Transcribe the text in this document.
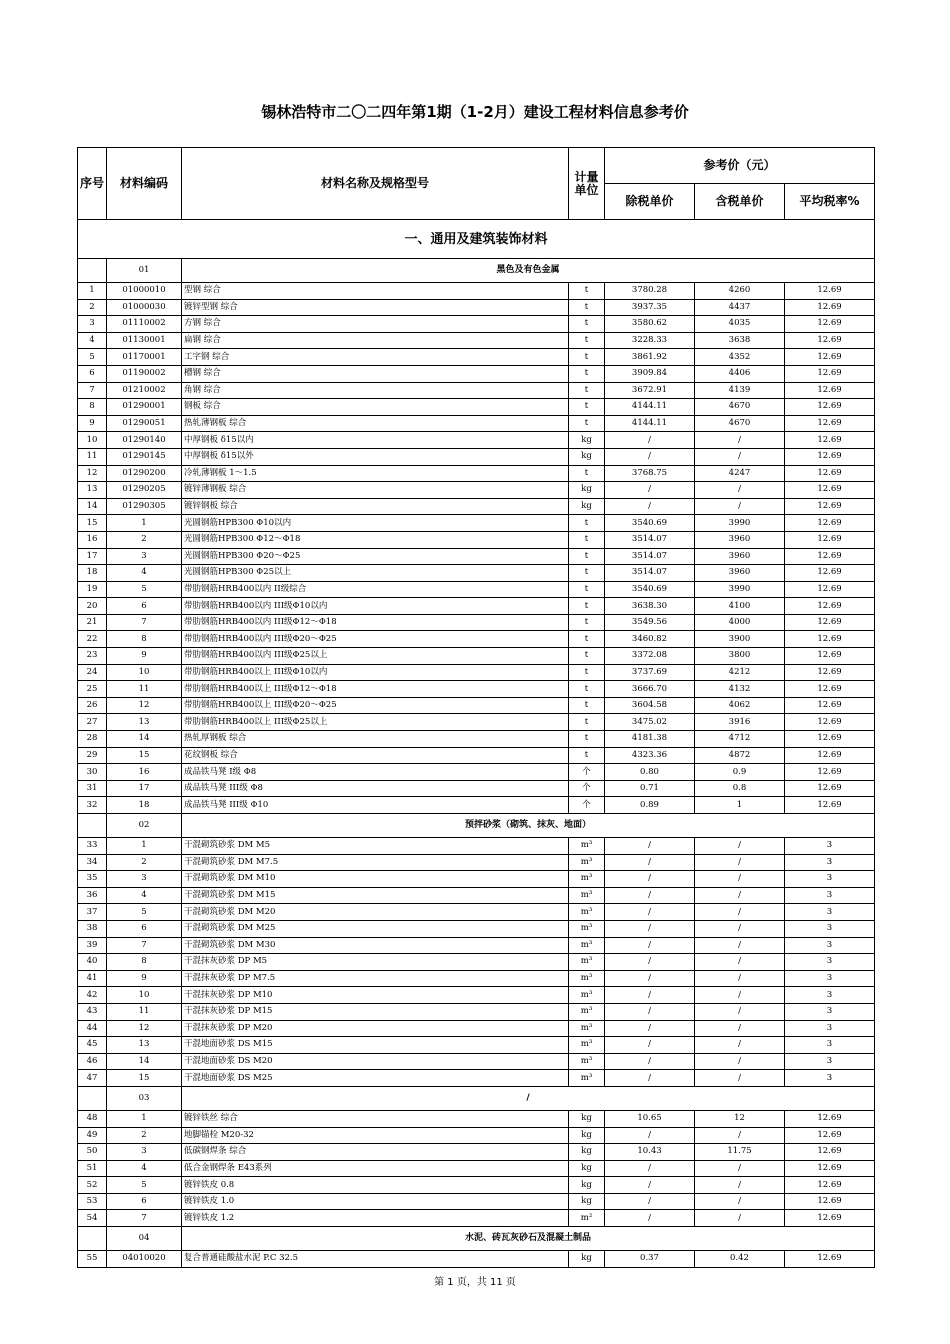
锡林浩特市二〇二四年第1期（1-2月）建设工程材料信息参考价
序号	材料编码	材料名称及规格型号	计量单位	参考价（元）		
				除税单价	含税单价	平均税率%
一、通用及建筑装饰材料						
	01	黑色及有色金属				
1	01000010	型钢 综合	t	3780.28	4260	12.69
2	01000030	镀锌型钢 综合	t	3937.35	4437	12.69
3	01110002	方钢 综合	t	3580.62	4035	12.69
4	01130001	扁钢 综合	t	3228.33	3638	12.69
5	01170001	工字钢 综合	t	3861.92	4352	12.69
6	01190002	槽钢 综合	t	3909.84	4406	12.69
7	01210002	角钢 综合	t	3672.91	4139	12.69
8	01290001	钢板 综合	t	4144.11	4670	12.69
9	01290051	热轧薄钢板 综合	t	4144.11	4670	12.69
10	01290140	中厚钢板 δ15以内	kg	/	/	12.69
11	01290145	中厚钢板 δ15以外	kg	/	/	12.69
12	01290200	冷轧薄钢板 1～1.5	t	3768.75	4247	12.69
13	01290205	镀锌薄钢板 综合	kg	/	/	12.69
14	01290305	镀锌钢板 综合	kg	/	/	12.69
15	1	光圆钢筋HPB300 Φ10以内	t	3540.69	3990	12.69
16	2	光圆钢筋HPB300 Φ12～Φ18	t	3514.07	3960	12.69
17	3	光圆钢筋HPB300 Φ20～Φ25	t	3514.07	3960	12.69
18	4	光圆钢筋HPB300 Φ25以上	t	3514.07	3960	12.69
19	5	带肋钢筋HRB400以内 II级综合	t	3540.69	3990	12.69
20	6	带肋钢筋HRB400以内 III级Φ10以内	t	3638.30	4100	12.69
21	7	带肋钢筋HRB400以内 III级Φ12～Φ18	t	3549.56	4000	12.69
22	8	带肋钢筋HRB400以内 III级Φ20～Φ25	t	3460.82	3900	12.69
23	9	带肋钢筋HRB400以内 III级Φ25以上	t	3372.08	3800	12.69
24	10	带肋钢筋HRB400以上 III级Φ10以内	t	3737.69	4212	12.69
25	11	带肋钢筋HRB400以上 III级Φ12～Φ18	t	3666.70	4132	12.69
26	12	带肋钢筋HRB400以上 III级Φ20～Φ25	t	3604.58	4062	12.69
27	13	带肋钢筋HRB400以上 III级Φ25以上	t	3475.02	3916	12.69
28	14	热轧厚钢板 综合	t	4181.38	4712	12.69
29	15	花纹钢板 综合	t	4323.36	4872	12.69
30	16	成品铁马凳 I级 Φ8	个	0.80	0.9	12.69
31	17	成品铁马凳 III级 Φ8	个	0.71	0.8	12.69
32	18	成品铁马凳 III级 Φ10	个	0.89	1	12.69
	02	预拌砂浆（砌筑、抹灰、地面）				
33	1	干混砌筑砂浆 DM M5	m³	/	/	3
34	2	干混砌筑砂浆 DM M7.5	m³	/	/	3
35	3	干混砌筑砂浆 DM M10	m³	/	/	3
36	4	干混砌筑砂浆 DM M15	m³	/	/	3
37	5	干混砌筑砂浆 DM M20	m³	/	/	3
38	6	干混砌筑砂浆 DM M25	m³	/	/	3
39	7	干混砌筑砂浆 DM M30	m³	/	/	3
40	8	干混抹灰砂浆 DP M5	m³	/	/	3
41	9	干混抹灰砂浆 DP M7.5	m³	/	/	3
42	10	干混抹灰砂浆 DP M10	m³	/	/	3
43	11	干混抹灰砂浆 DP M15	m³	/	/	3
44	12	干混抹灰砂浆 DP M20	m³	/	/	3
45	13	干混地面砂浆 DS M15	m³	/	/	3
46	14	干混地面砂浆 DS M20	m³	/	/	3
47	15	干混地面砂浆 DS M25	m³	/	/	3
	03	/				
48	1	镀锌铁丝 综合	kg	10.65	12	12.69
49	2	地脚锚栓 M20-32	kg	/	/	12.69
50	3	低碳钢焊条 综合	kg	10.43	11.75	12.69
51	4	低合金钢焊条 E43系列	kg	/	/	12.69
52	5	镀锌铁皮 0.8	kg	/	/	12.69
53	6	镀锌铁皮 1.0	kg	/	/	12.69
54	7	镀锌铁皮 1.2	m²	/	/	12.69
	04	水泥、砖瓦灰砂石及混凝土制品				
55	04010020	复合普通硅酸盐水泥 P.C 32.5	kg	0.37	0.42	12.69
第 1 页，共 11 页
